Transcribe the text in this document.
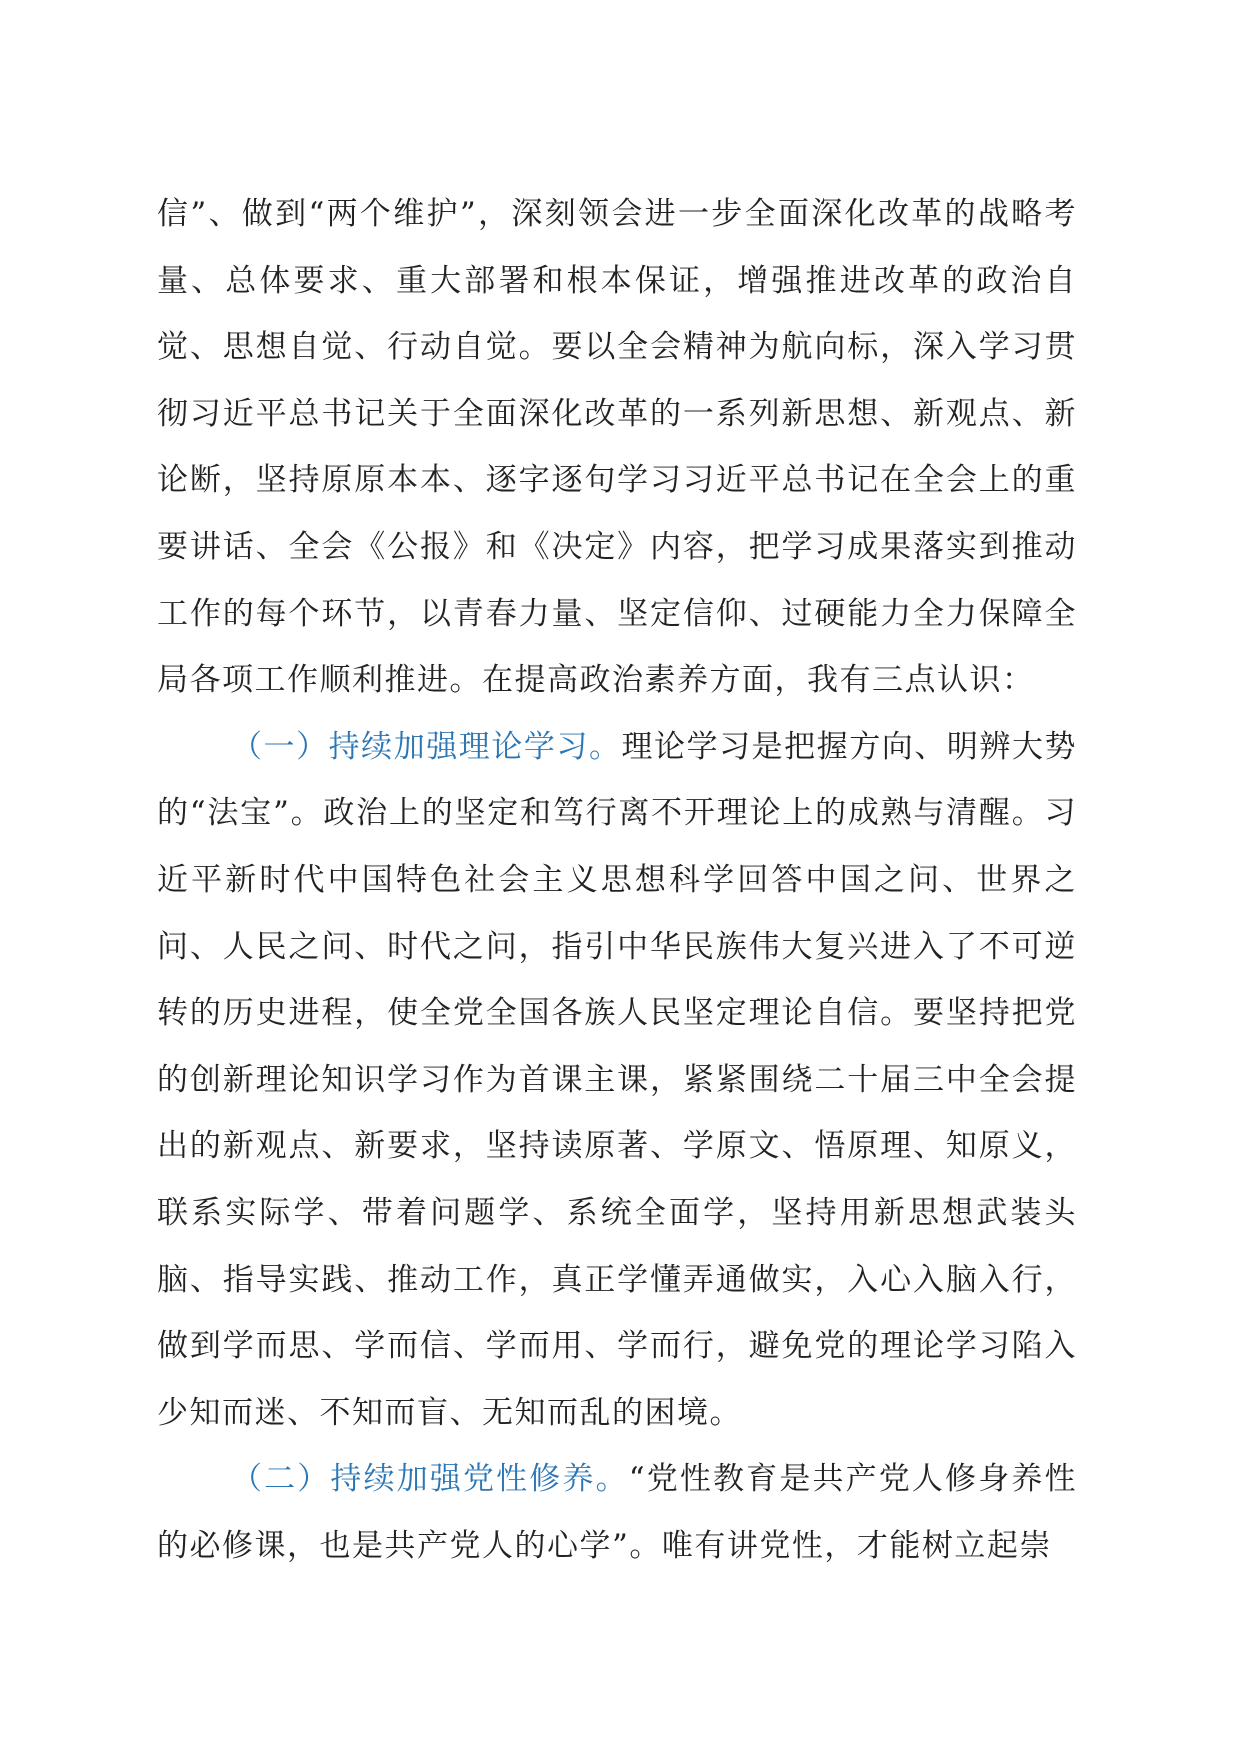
信”、做到“两个维护”，深刻领会进一步全面深化改革的战略考量、总体要求、重大部署和根本保证，增强推进改革的政治自觉、思想自觉、行动自觉。要以全会精神为航向标，深入学习贯彻习近平总书记关于全面深化改革的一系列新思想、新观点、新论断，坚持原原本本、逐字逐句学习习近平总书记在全会上的重要讲话、全会《公报》和《决定》内容，把学习成果落实到推动工作的每个环节，以青春力量、坚定信仰、过硬能力全力保障全局各项工作顺利推进。在提高政治素养方面，我有三点认识：

（一）持续加强理论学习。理论学习是把握方向、明辨大势的“法宝”。政治上的坚定和笃行离不开理论上的成熟与清醒。习近平新时代中国特色社会主义思想科学回答中国之问、世界之问、人民之问、时代之问，指引中华民族伟大复兴进入了不可逆转的历史进程，使全党全国各族人民坚定理论自信。要坚持把党的创新理论知识学习作为首课主课，紧紧围绕二十届三中全会提出的新观点、新要求，坚持读原著、学原文、悟原理、知原义，联系实际学、带着问题学、系统全面学，坚持用新思想武装头脑、指导实践、推动工作，真正学懂弄通做实，入心入脑入行，做到学而思、学而信、学而用、学而行，避免党的理论学习陷入少知而迷、不知而盲、无知而乱的困境。

（二）持续加强党性修养。“党性教育是共产党人修身养性的必修课，也是共产党人的心学”。唯有讲党性，才能树立起崇
